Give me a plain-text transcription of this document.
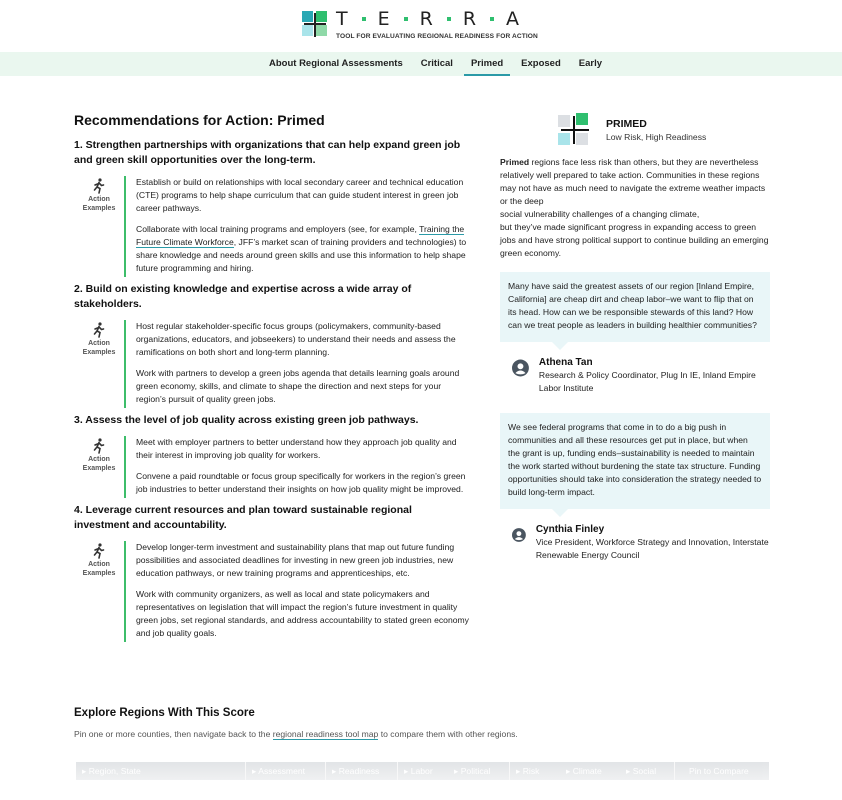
T E R R A
TOOL FOR EVALUATING REGIONAL READINESS FOR ACTION
About Regional Assessments	Critical	Primed	Exposed	Early
Recommendations for Action: Primed
1. Strengthen partnerships with organizations that can help expand green job and green skill opportunities over the long-term.
Action
Examples

Establish or build on relationships with local secondary career and technical education (CTE) programs to help shape curriculum that can guide student interest in green job career pathways.

Collaborate with local training programs and employers (see, for example, Training the Future Climate Workforce, JFF’s market scan of training providers and technologies) to share knowledge and needs around green skills and use this information to help shape future programming and hiring.

2. Build on existing knowledge and expertise across a wide array of stakeholders.
Action
Examples

Host regular stakeholder-specific focus groups (policymakers, community-based organizations, educators, and jobseekers) to understand their needs and assess the ramifications on both short and long-term planning.

Work with partners to develop a green jobs agenda that details learning goals around green economy, skills, and climate to shape the direction and next steps for your region’s pursuit of quality green jobs.

3. Assess the level of job quality across existing green job pathways.
Action
Examples

Meet with employer partners to better understand how they approach job quality and their interest in improving job quality for workers.

Convene a paid roundtable or focus group specifically for workers in the region’s green job industries to better understand their insights on how job quality might be improved.

4. Leverage current resources and plan toward sustainable regional investment and accountability.
Action
Examples

Develop longer-term investment and sustainability plans that map out future funding possibilities and associated deadlines for investing in new green job industries, new education pathways, or new training programs and apprenticeships, etc.

Work with community organizers, as well as local and state policymakers and representatives on legislation that will impact the region’s future investment in quality green jobs, set regional standards, and address accountability to stated green economy and job quality goals.

PRIMED
Low Risk, High Readiness

Primed regions face less risk than others, but they are nevertheless relatively well prepared to take action. Communities in these regions may not have as much need to navigate the extreme weather impacts or the deep
social vulnerability challenges of a changing climate,
but they’ve made significant progress in expanding access to green jobs and have strong political support to continue building an emerging green economy.

Many have said the greatest assets of our region [Inland Empire, California] are cheap dirt and cheap labor–we want to flip that on its head. How can we be responsible stewards of this land? How can we treat people as leaders in building healthier communities?

Athena Tan
Research & Policy Coordinator, Plug In IE, Inland Empire Labor Institute

We see federal programs that come in to do a big push in communities and all these resources get put in place, but when the grant is up, funding ends–sustainability is needed to maintain the work started without burdening the state tax structure. Funding opportunities should take into consideration the strategy needed to build long-term impact.

Cynthia Finley
Vice President, Workforce Strategy and Innovation, Interstate Renewable Energy Council
Explore Regions With This Score

Pin one or more counties, then navigate back to the regional readiness tool map to compare them with other regions.

▸ Region, State	▸ Assessment	▸ Readiness	▸ Labor	▸ Political	▸ Risk	▸ Climate	▸ Social	Pin to Compare
